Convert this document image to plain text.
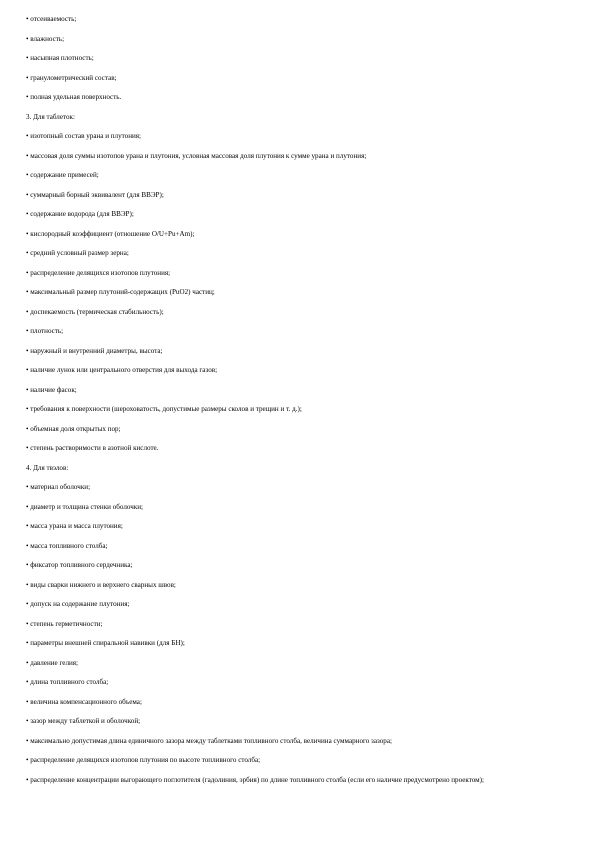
• отсеиваемость;
• влажность;
• насыпная плотность;
• гранулометрический состав;
• полная удельная поверхность.
3. Для таблеток:
• изотопный состав урана и плутония;
• массовая доля суммы изотопов урана и плутония, условная массовая доля плутония к сумме урана и плутония;
• содержание примесей;
• суммарный борный эквивалент (для ВВЭР);
• содержание водорода (для ВВЭР);
• кислородный коэффициент (отношение O/U+Pu+Am);
• средний условный размер зерна;
• распределение делящихся изотопов плутония;
• максимальный размер плутоний-содержащих (PuO2) частиц;
• доспекаемость (термическая стабильность);
• плотность;
• наружный и внутренний диаметры, высота;
• наличие лунок или центрального отверстия для выхода газов;
• наличие фасок;
• требования к поверхности (шероховатость, допустимые размеры сколов и трещин и т. д.);
• объемная доля открытых пор;
• степень растворимости в азотной кислоте.
4. Для твэлов:
• материал оболочки;
• диаметр и толщина стенки оболочки;
• масса урана и масса плутония;
• масса топливного столба;
• фиксатор топливного сердечника;
• виды сварки нижнего и верхнего сварных швов;
• допуск на содержание плутония;
• степень герметичности;
• параметры внешней спиральной навивки (для БН);
• давление гелия;
• длина топливного столба;
• величина компенсационного объема;
• зазор между таблеткой и оболочкой;
• максимально допустимая длина единичного зазора между таблетками топливного столба, величина суммарного зазора;
• распределение делящихся изотопов плутония по высоте топливного столба;
• распределение концентрации выгорающего поглотителя (гадолиния, эрбия) по длине топливного столба (если его наличие предусмотрено проектом);
